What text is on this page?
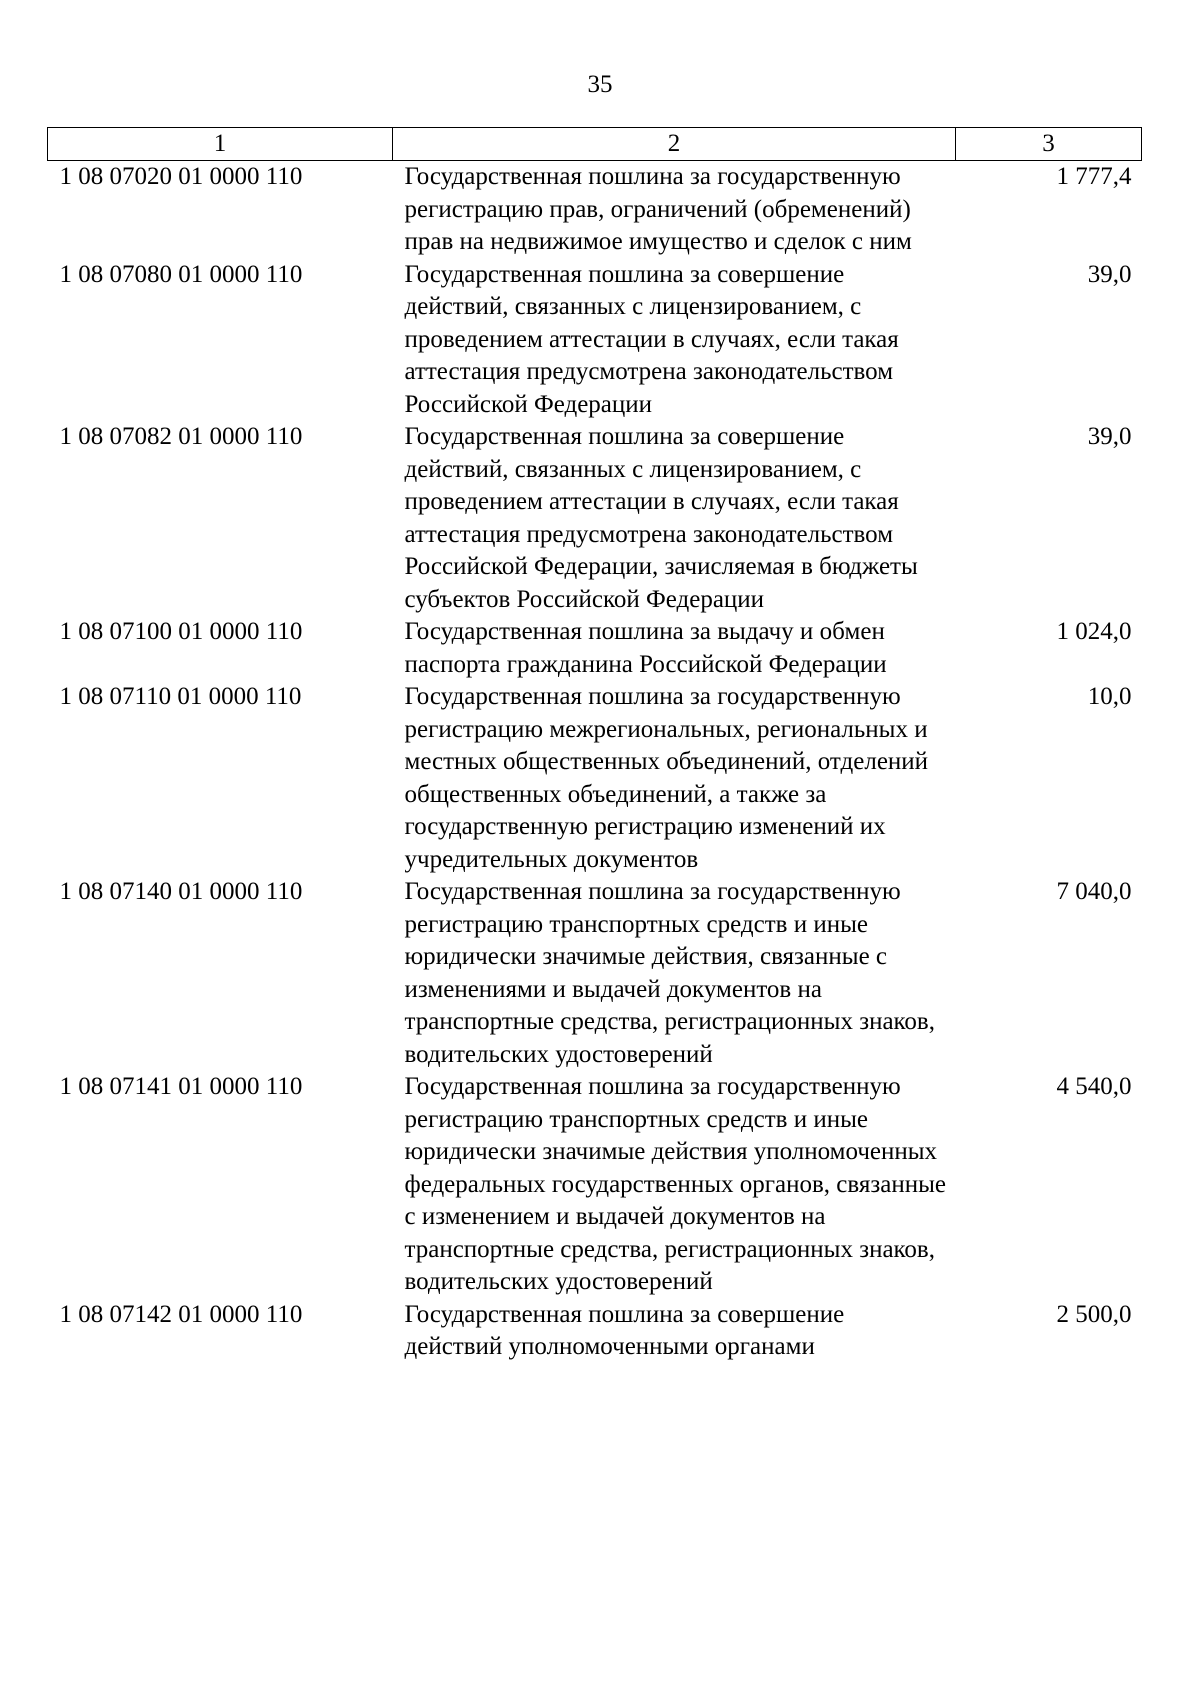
35
1	2	3
1 08 07020 01 0000 110	Государственная пошлина за государственную регистрацию прав, ограничений (обременений) прав на недвижимое имущество и сделок с ним	1 777,4
1 08 07080 01 0000 110	Государственная пошлина за совершение действий, связанных с лицензированием, с проведением аттестации в случаях, если такая аттестация предусмотрена законодательством Российской Федерации	39,0
1 08 07082 01 0000 110	Государственная пошлина за совершение действий, связанных с лицензированием, с проведением аттестации в случаях, если такая аттестация предусмотрена законодательством Российской Федерации, зачисляемая в бюджеты субъектов Российской Федерации	39,0
1 08 07100 01 0000 110	Государственная пошлина за выдачу и обмен паспорта гражданина Российской Федерации	1 024,0
1 08 07110 01 0000 110	Государственная пошлина за государственную регистрацию межрегиональных, региональных и местных общественных объединений, отделений общественных объединений, а также за государственную регистрацию изменений их учредительных документов	10,0
1 08 07140 01 0000 110	Государственная пошлина за государственную регистрацию транспортных средств и иные юридически значимые действия, связанные с изменениями и выдачей документов на транспортные средства, регистрационных знаков, водительских удостоверений	7 040,0
1 08 07141 01 0000 110	Государственная пошлина за государственную регистрацию транспортных средств и иные юридически значимые действия уполномоченных федеральных государственных органов, связанные с изменением и выдачей документов на транспортные средства, регистрационных знаков, водительских удостоверений	4 540,0
1 08 07142 01 0000 110	Государственная пошлина за совершение действий уполномоченными органами	2 500,0
